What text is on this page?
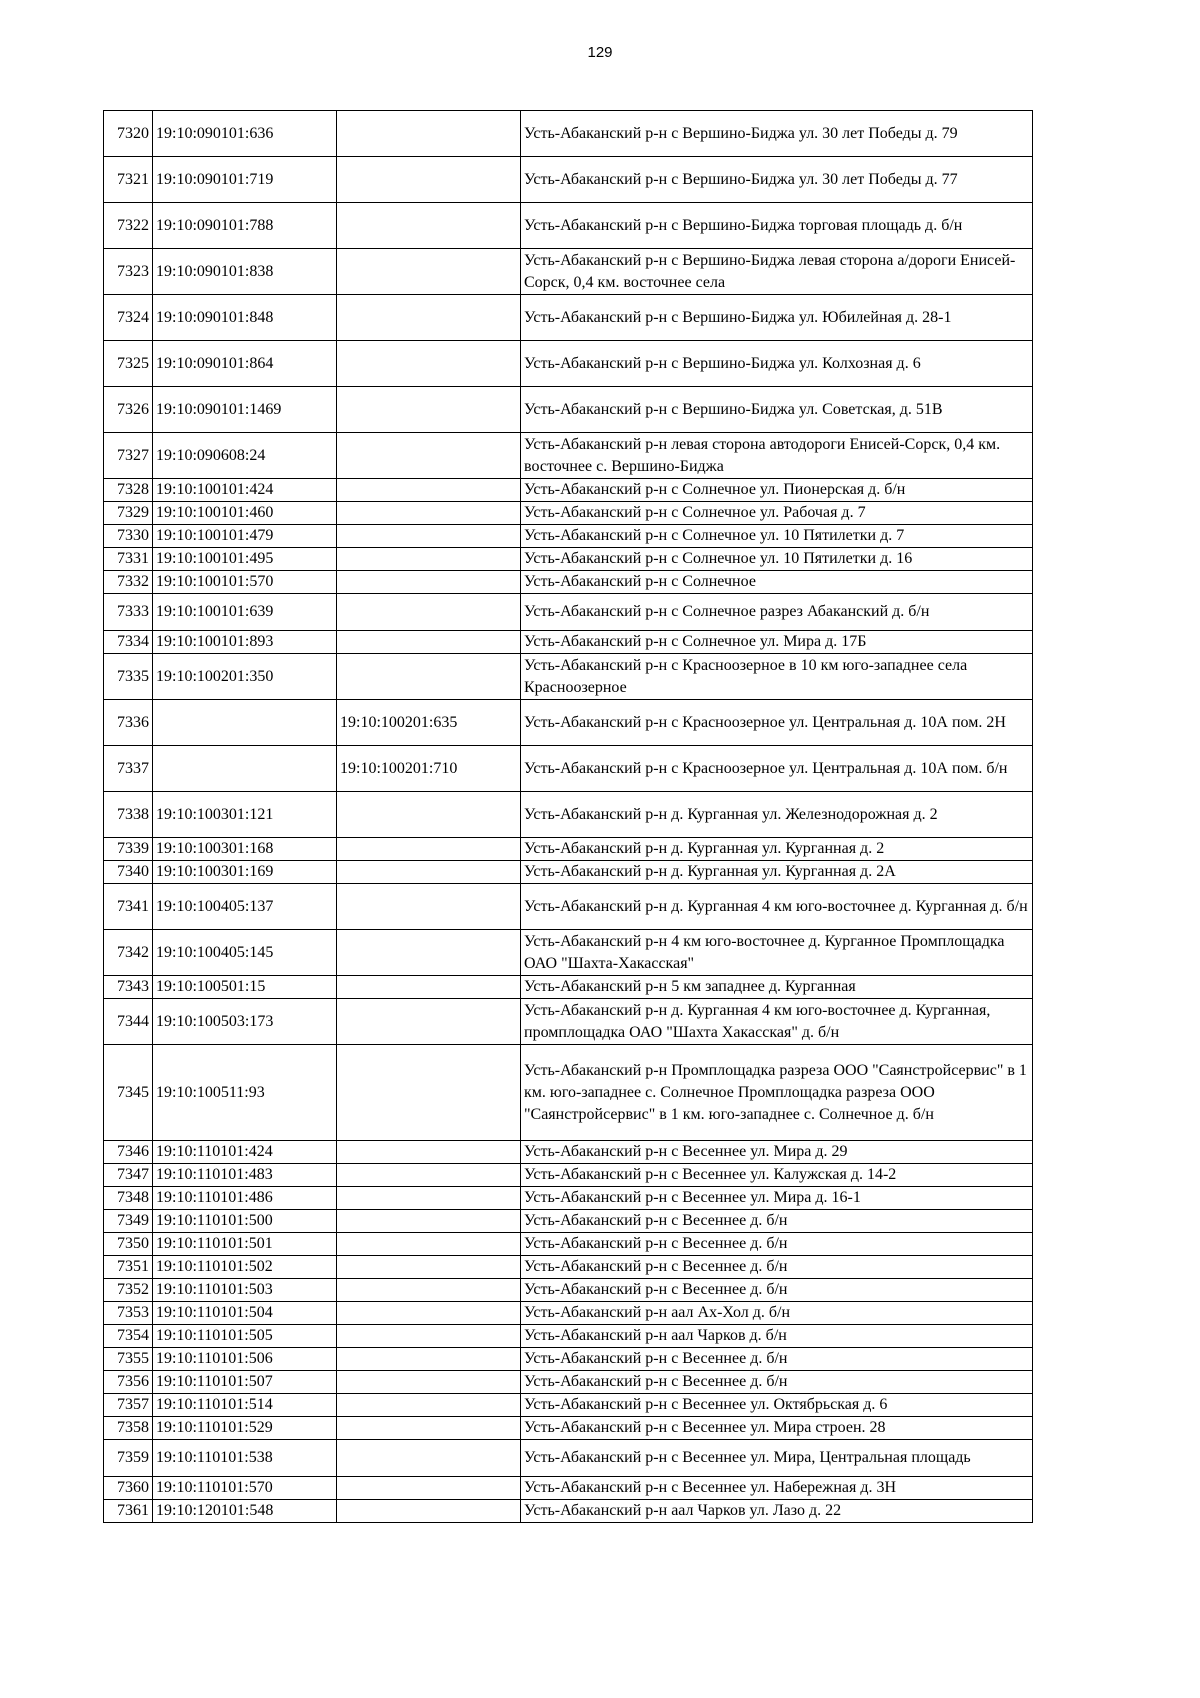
129
7320	19:10:090101:636		Усть-Абаканский р-н с Вершино-Биджа ул. 30 лет Победы д. 79
7321	19:10:090101:719		Усть-Абаканский р-н с Вершино-Биджа ул. 30 лет Победы д. 77
7322	19:10:090101:788		Усть-Абаканский р-н с Вершино-Биджа торговая площадь д. б/н
7323	19:10:090101:838		Усть-Абаканский р-н с Вершино-Биджа левая сторона а/дороги Енисей-Сорск, 0,4 км. восточнее села
7324	19:10:090101:848		Усть-Абаканский р-н с Вершино-Биджа ул. Юбилейная д. 28-1
7325	19:10:090101:864		Усть-Абаканский р-н с Вершино-Биджа ул. Колхозная д. 6
7326	19:10:090101:1469		Усть-Абаканский р-н с Вершино-Биджа ул. Советская, д. 51В
7327	19:10:090608:24		Усть-Абаканский р-н левая сторона автодороги Енисей-Сорск, 0,4 км. восточнее с. Вершино-Биджа
7328	19:10:100101:424		Усть-Абаканский р-н с Солнечное ул. Пионерская д. б/н
7329	19:10:100101:460		Усть-Абаканский р-н с Солнечное ул. Рабочая д. 7
7330	19:10:100101:479		Усть-Абаканский р-н с Солнечное ул. 10 Пятилетки д. 7
7331	19:10:100101:495		Усть-Абаканский р-н с Солнечное ул. 10 Пятилетки д. 16
7332	19:10:100101:570		Усть-Абаканский р-н с Солнечное
7333	19:10:100101:639		Усть-Абаканский р-н с Солнечное разрез Абаканский д. б/н
7334	19:10:100101:893		Усть-Абаканский р-н с Солнечное ул. Мира д. 17Б
7335	19:10:100201:350		Усть-Абаканский р-н с Красноозерное в 10 км юго-западнее села Красноозерное
7336		19:10:100201:635	Усть-Абаканский р-н с Красноозерное ул. Центральная д. 10А пом. 2Н
7337		19:10:100201:710	Усть-Абаканский р-н с Красноозерное ул. Центральная д. 10А пом. б/н
7338	19:10:100301:121		Усть-Абаканский р-н д. Курганная ул. Железнодорожная д. 2
7339	19:10:100301:168		Усть-Абаканский р-н д. Курганная ул. Курганная д. 2
7340	19:10:100301:169		Усть-Абаканский р-н д. Курганная ул. Курганная д. 2А
7341	19:10:100405:137		Усть-Абаканский р-н д. Курганная 4 км юго-восточнее д. Курганная д. б/н
7342	19:10:100405:145		Усть-Абаканский р-н 4 км юго-восточнее д. Курганное Промплощадка ОАО "Шахта-Хакасская"
7343	19:10:100501:15		Усть-Абаканский р-н 5 км западнее д. Курганная
7344	19:10:100503:173		Усть-Абаканский р-н д. Курганная 4 км юго-восточнее д. Курганная, промплощадка ОАО "Шахта Хакасская" д. б/н
7345	19:10:100511:93		Усть-Абаканский р-н Промплощадка разреза ООО "Саянстройсервис" в 1 км. юго-западнее с. Солнечное Промплощадка разреза ООО "Саянстройсервис" в 1 км. юго-западнее с. Солнечное д. б/н
7346	19:10:110101:424		Усть-Абаканский р-н с Весеннее ул. Мира д. 29
7347	19:10:110101:483		Усть-Абаканский р-н с Весеннее ул. Калужская д. 14-2
7348	19:10:110101:486		Усть-Абаканский р-н с Весеннее ул. Мира д. 16-1
7349	19:10:110101:500		Усть-Абаканский р-н с Весеннее д. б/н
7350	19:10:110101:501		Усть-Абаканский р-н с Весеннее д. б/н
7351	19:10:110101:502		Усть-Абаканский р-н с Весеннее д. б/н
7352	19:10:110101:503		Усть-Абаканский р-н с Весеннее д. б/н
7353	19:10:110101:504		Усть-Абаканский р-н аал Ах-Хол д. б/н
7354	19:10:110101:505		Усть-Абаканский р-н аал Чарков д. б/н
7355	19:10:110101:506		Усть-Абаканский р-н с Весеннее д. б/н
7356	19:10:110101:507		Усть-Абаканский р-н с Весеннее д. б/н
7357	19:10:110101:514		Усть-Абаканский р-н с Весеннее ул. Октябрьская д. 6
7358	19:10:110101:529		Усть-Абаканский р-н с Весеннее ул. Мира строен. 28
7359	19:10:110101:538		Усть-Абаканский р-н с Весеннее ул. Мира, Центральная площадь
7360	19:10:110101:570		Усть-Абаканский р-н с Весеннее ул. Набережная д. 3Н
7361	19:10:120101:548		Усть-Абаканский р-н аал Чарков ул. Лазо д. 22
